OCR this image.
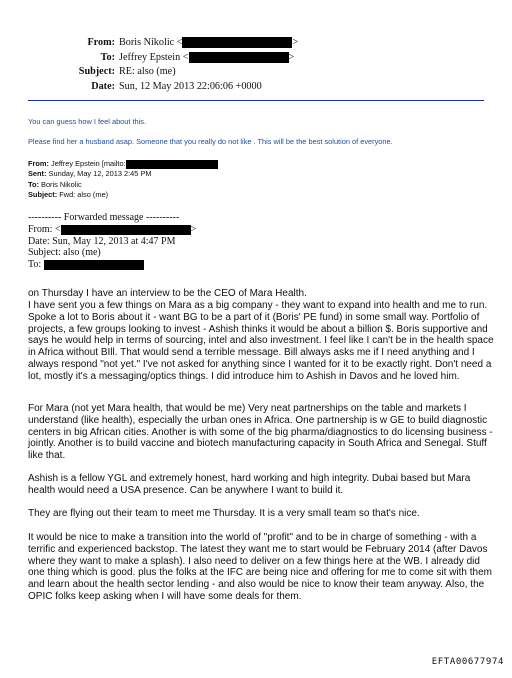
From: Boris Nikolic <	>
To: Jeffrey Epstein <	>
Subject: RE: also (me)
Date: Sun, 12 May 2013 22:06:06 +0000
You can guess how I feel about this.
Please find her a husband asap. Someone that you really do not like . This will be the best solution of everyone.
From: Jeffrey Epstein [mailto:
Sent: Sunday, May 12, 2013 2:45 PM
To: Boris Nikolic
Subject: Fwd: also (me)
---------- Forwarded message ----------
From: <	>
Date: Sun, May 12, 2013 at 4:47 PM
Subject: also (me)
To:

on Thursday I have an interview to be the CEO of Mara Health.

I have sent you a few things on Mara as a big company - they want to expand into health and me to run. Spoke a lot to Boris about it - want BG to be a part of it (Boris' PE fund) in some small way. Portfolio of projects, a few groups looking to invest - Ashish thinks it would be about a billion $. Boris supportive and says he would help in terms of sourcing, intel and also investment. I feel like I can't be in the health space in Africa without BIll. That would send a terrible message. Bill always asks me if I need anything and I always respond "not yet." I've not asked for anything since I wanted for it to be exactly right. Don't need a lot, mostly it's a messaging/optics things. I did introduce him to Ashish in Davos and he loved him.

For Mara (not yet Mara health, that would be me) Very neat partnerships on the table and markets I understand (like health), especially the urban ones in Africa. One partnership is w GE to build diagnostic centers in big African cities. Another is with some of the big pharma/diagnostics to do licensing business - jointly. Another is to build vaccine and biotech manufacturing capacity in South Africa and Senegal. Stuff like that.

Ashish is a fellow YGL and extremely honest, hard working and high integrity. Dubai based but Mara health would need a USA presence. Can be anywhere I want to build it.

They are flying out their team to meet me Thursday. It is a very small team so that's nice.

It would be nice to make a transition into the world of "profit" and to be in charge of something - with a terrific and experienced backstop. The latest they want me to start would be February 2014 (after Davos where they want to make a splash). I also need to deliver on a few things here at the WB. I already did one thing which is good. plus the folks at the IFC are being nice and offering for me to come sit with them and learn about the health sector lending - and also would be nice to know their team anyway. Also, the OPIC folks keep asking when I will have some deals for them.

EFTA00677974
